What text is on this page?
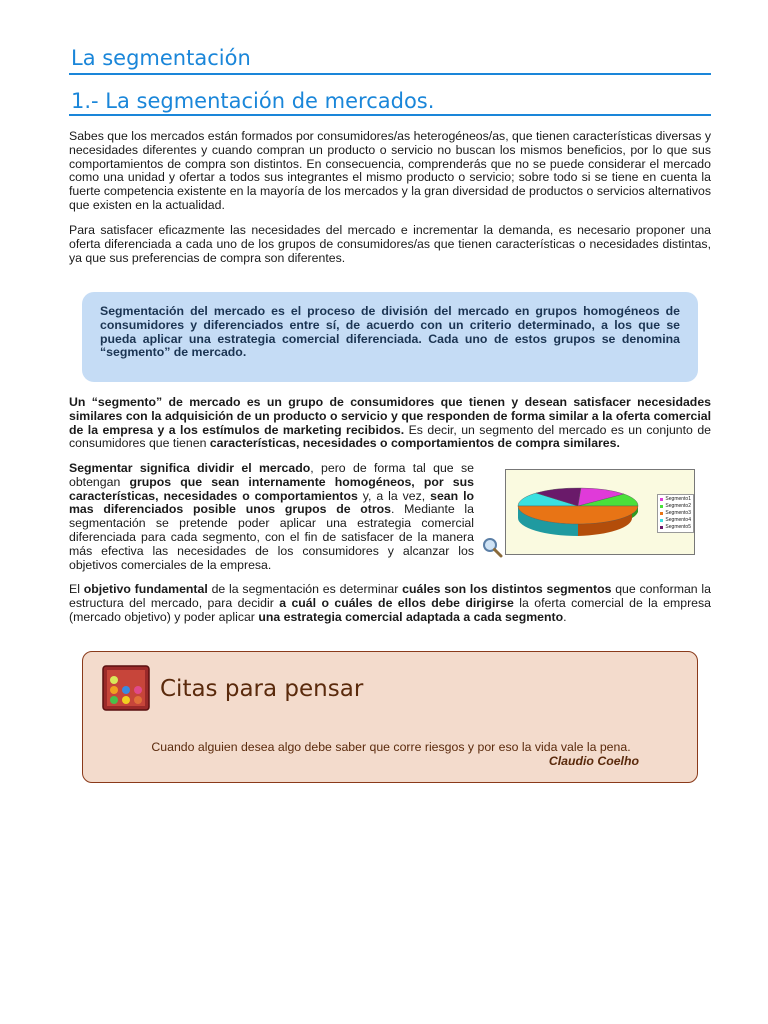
La segmentación
1.- La segmentación de mercados.

Sabes que los mercados están formados por consumidores/as heterogéneos/as, que tienen características diversas y necesidades diferentes y cuando compran un producto o servicio no buscan los mismos beneficios, por lo que sus comportamientos de compra son distintos. En consecuencia, comprenderás que no se puede considerar el mercado como una unidad y ofertar a todos sus integrantes el mismo producto o servicio; sobre todo si se tiene en cuenta la fuerte competencia existente en la mayoría de los mercados y la gran diversidad de productos o servicios alternativos que existen en la actualidad.

Para satisfacer eficazmente las necesidades del mercado e incrementar la demanda, es necesario proponer una oferta diferenciada a cada uno de los grupos de consumidores/as que tienen características o necesidades distintas, ya que sus preferencias de compra son diferentes.

Segmentación del mercado es el proceso de división del mercado en grupos homogéneos de consumidores y diferenciados entre sí, de acuerdo con un criterio determinado, a los que se pueda aplicar una estrategia comercial diferenciada. Cada uno de estos grupos se denomina “segmento” de mercado.

Un “segmento” de mercado es un grupo de consumidores que tienen y desean satisfacer necesidades similares con la adquisición de un producto o servicio y que responden de forma similar a la oferta comercial de la empresa y a los estímulos de marketing recibidos. Es decir, un segmento del mercado es un conjunto de consumidores que tienen características, necesidades o comportamientos de compra similares.

Segmentar significa dividir el mercado, pero de forma tal que se obtengan grupos que sean internamente homogéneos, por sus características, necesidades o comportamientos y, a la vez, sean lo mas diferenciados posible unos grupos de otros. Mediante la segmentación se pretende poder aplicar una estrategia comercial diferenciada para cada segmento, con el fin de satisfacer de la manera más efectiva las necesidades de los consumidores y alcanzar los objetivos comerciales de la empresa.

Segmento1
Segmento2
Segmento3
Segmento4
Segmento5

El objetivo fundamental de la segmentación es determinar cuáles son los distintos segmentos que conforman la estructura del mercado, para decidir a cuál o cuáles de ellos debe dirigirse la oferta comercial de la empresa (mercado objetivo) y poder aplicar una estrategia comercial adaptada a cada segmento.

Citas para pensar
Cuando alguien desea algo debe saber que corre riesgos y por eso la vida vale la pena.
Claudio Coelho
